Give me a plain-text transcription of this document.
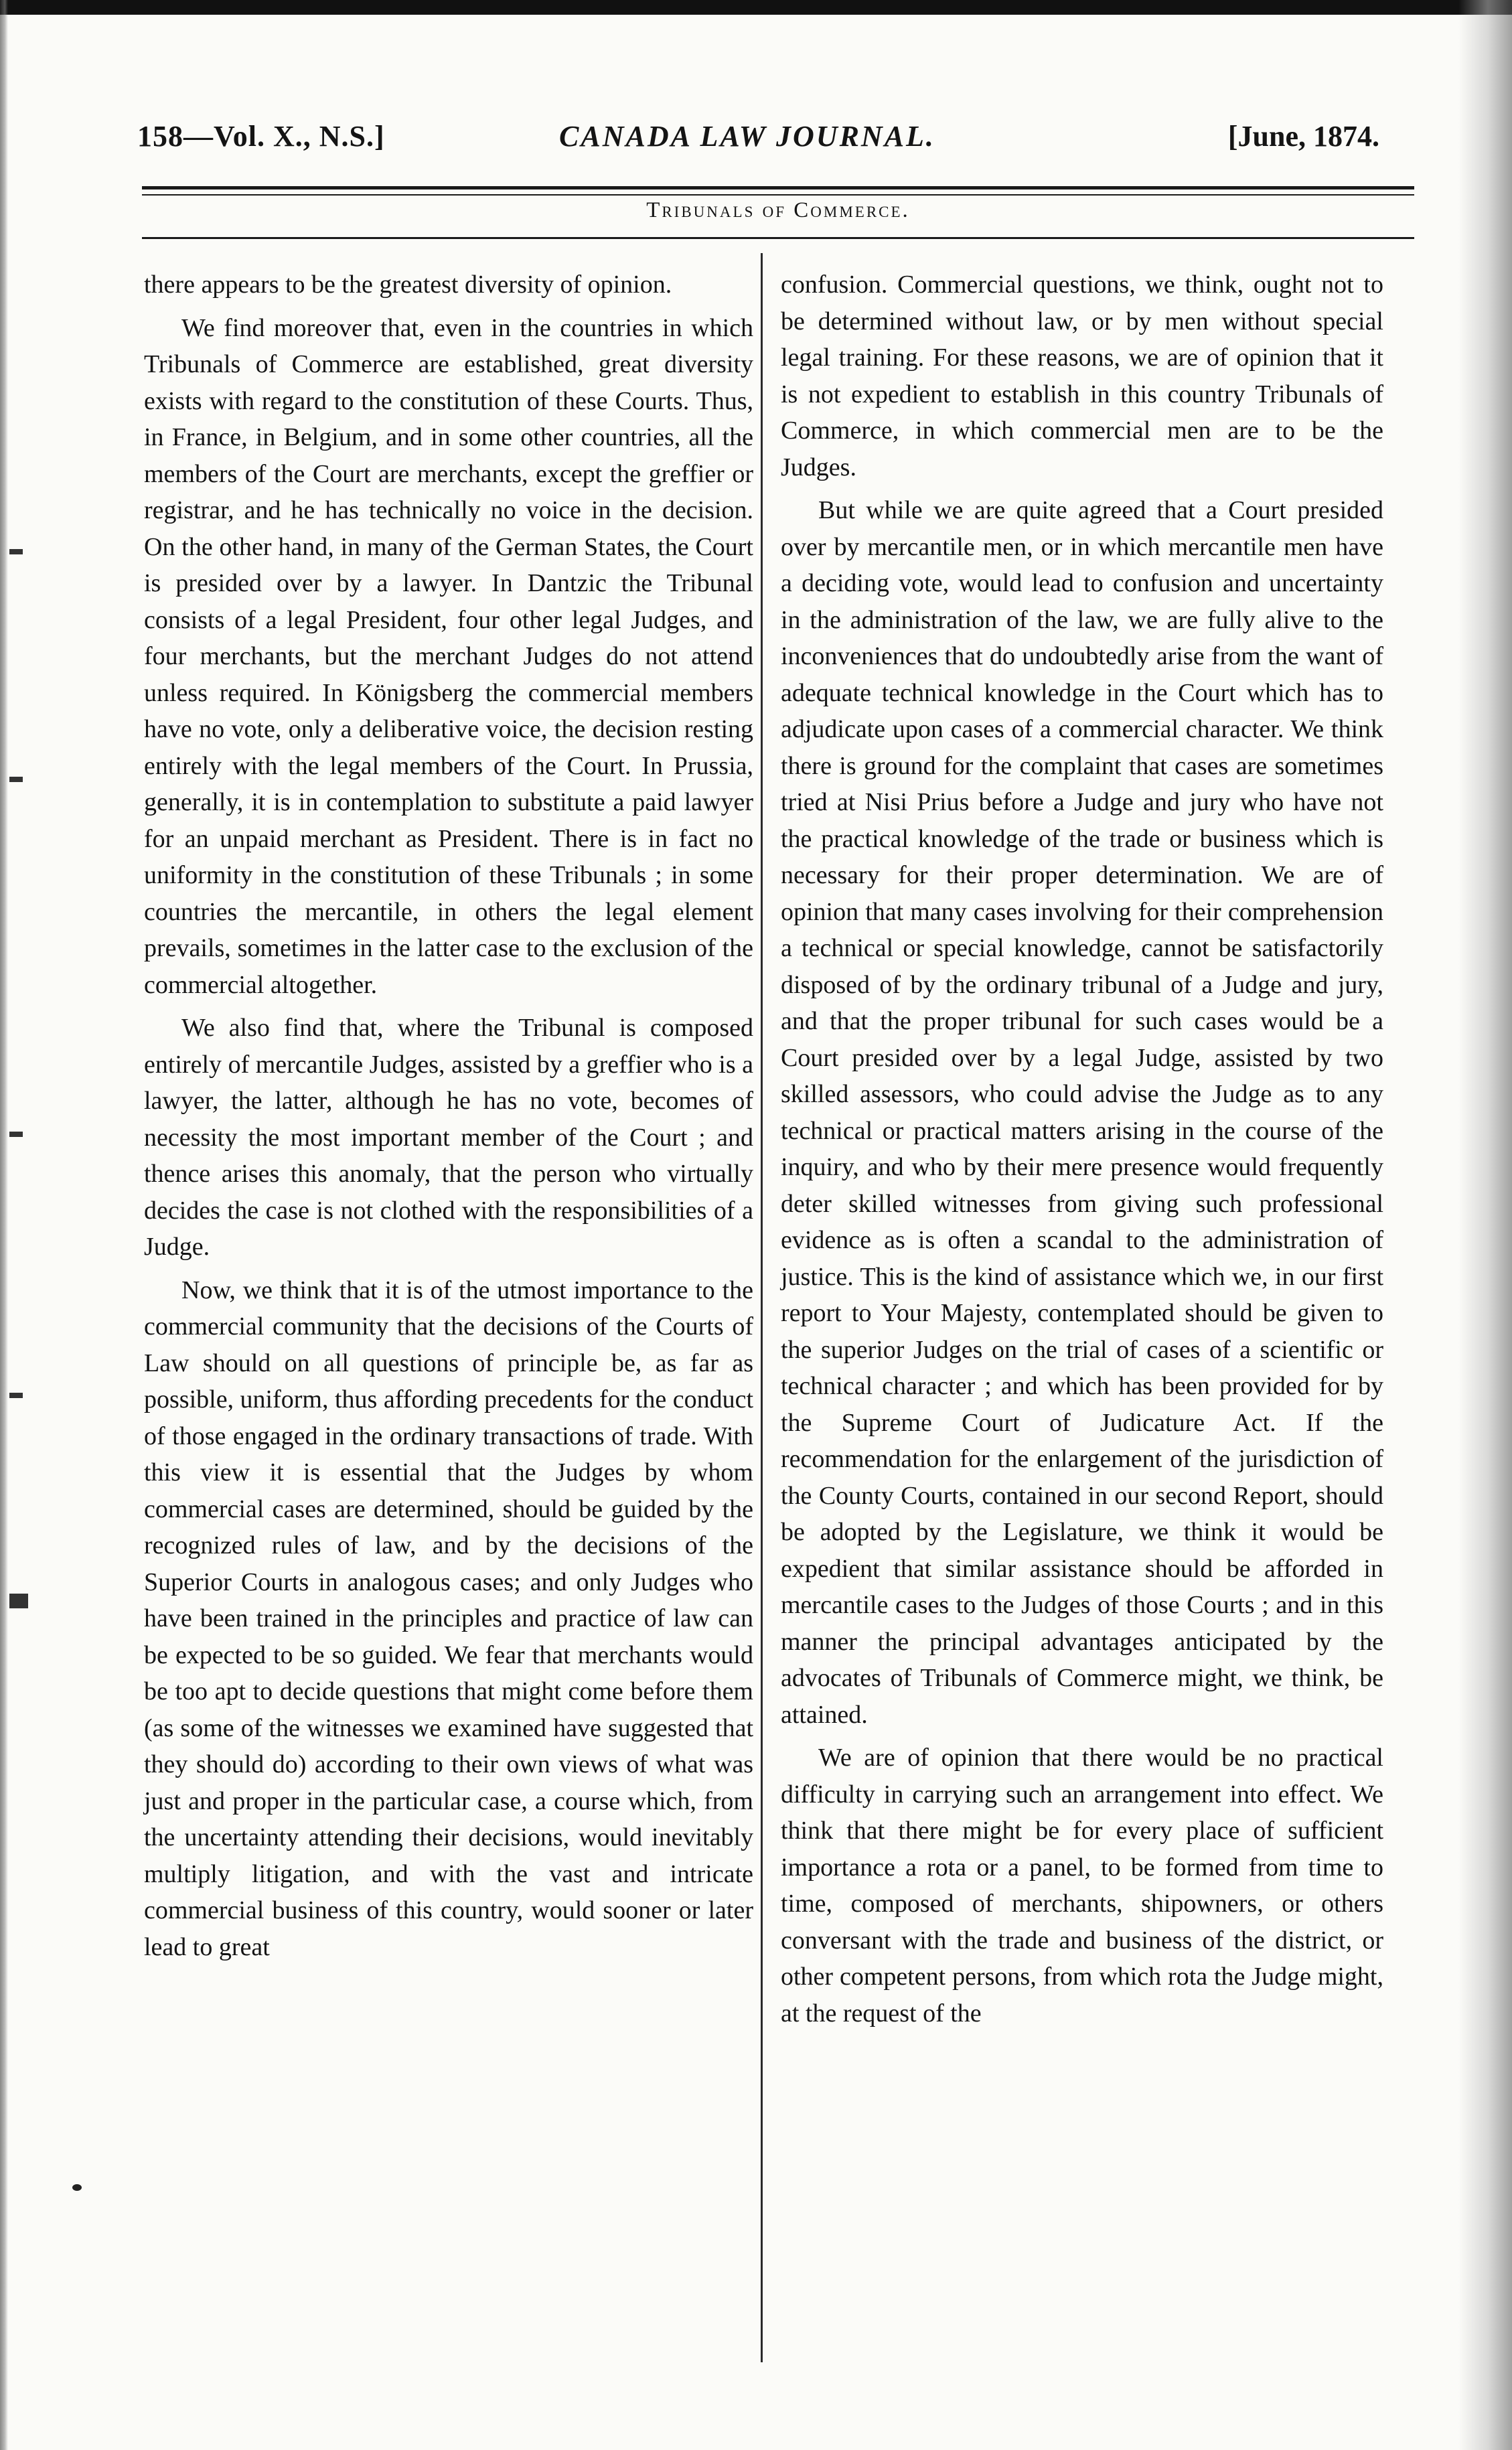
158—Vol. X., N.S.]	CANADA LAW JOURNAL.	[June, 1874.
Tribunals of Commerce.

there appears to be the greatest diversity of opinion.

We find moreover that, even in the countries in which Tribunals of Commerce are established, great diversity exists with regard to the constitution of these Courts. Thus, in France, in Belgium, and in some other countries, all the members of the Court are merchants, except the greffier or registrar, and he has technically no voice in the decision. On the other hand, in many of the German States, the Court is presided over by a lawyer. In Dantzic the Tribunal consists of a legal President, four other legal Judges, and four merchants, but the merchant Judges do not attend unless required. In Königsberg the commercial members have no vote, only a deliberative voice, the decision resting entirely with the legal members of the Court. In Prussia, generally, it is in contemplation to substitute a paid lawyer for an unpaid merchant as President. There is in fact no uniformity in the constitution of these Tribunals ; in some countries the mercantile, in others the legal element prevails, sometimes in the latter case to the exclusion of the commercial altogether.

We also find that, where the Tribunal is composed entirely of mercantile Judges, assisted by a greffier who is a lawyer, the latter, although he has no vote, becomes of necessity the most important member of the Court ; and thence arises this anomaly, that the person who virtually decides the case is not clothed with the responsibilities of a Judge.

Now, we think that it is of the utmost importance to the commercial community that the decisions of the Courts of Law should on all questions of principle be, as far as possible, uniform, thus affording precedents for the conduct of those engaged in the ordinary transactions of trade. With this view it is essential that the Judges by whom commercial cases are determined, should be guided by the recognized rules of law, and by the decisions of the Superior Courts in analogous cases; and only Judges who have been trained in the principles and practice of law can be expected to be so guided. We fear that merchants would be too apt to decide questions that might come before them (as some of the witnesses we examined have suggested that they should do) according to their own views of what was just and proper in the particular case, a course which, from the uncertainty attending their decisions, would inevitably multiply litigation, and with the vast and intricate commercial business of this country, would sooner or later lead to great

confusion. Commercial questions, we think, ought not to be determined without law, or by men without special legal training. For these reasons, we are of opinion that it is not expedient to establish in this country Tribunals of Commerce, in which commercial men are to be the Judges.

But while we are quite agreed that a Court presided over by mercantile men, or in which mercantile men have a deciding vote, would lead to confusion and uncertainty in the administration of the law, we are fully alive to the inconveniences that do undoubtedly arise from the want of adequate technical knowledge in the Court which has to adjudicate upon cases of a commercial character. We think there is ground for the complaint that cases are sometimes tried at Nisi Prius before a Judge and jury who have not the practical knowledge of the trade or business which is necessary for their proper determination. We are of opinion that many cases involving for their comprehension a technical or special knowledge, cannot be satisfactorily disposed of by the ordinary tribunal of a Judge and jury, and that the proper tribunal for such cases would be a Court presided over by a legal Judge, assisted by two skilled assessors, who could advise the Judge as to any technical or practical matters arising in the course of the inquiry, and who by their mere presence would frequently deter skilled witnesses from giving such professional evidence as is often a scandal to the administration of justice. This is the kind of assistance which we, in our first report to Your Majesty, contemplated should be given to the superior Judges on the trial of cases of a scientific or technical character ; and which has been provided for by the Supreme Court of Judicature Act. If the recommendation for the enlargement of the jurisdiction of the County Courts, contained in our second Report, should be adopted by the Legislature, we think it would be expedient that similar assistance should be afforded in mercantile cases to the Judges of those Courts ; and in this manner the principal advantages anticipated by the advocates of Tribunals of Commerce might, we think, be attained.

We are of opinion that there would be no practical difficulty in carrying such an arrangement into effect. We think that there might be for every place of sufficient importance a rota or a panel, to be formed from time to time, composed of merchants, shipowners, or others conversant with the trade and business of the district, or other competent persons, from which rota the Judge might, at the request of the
